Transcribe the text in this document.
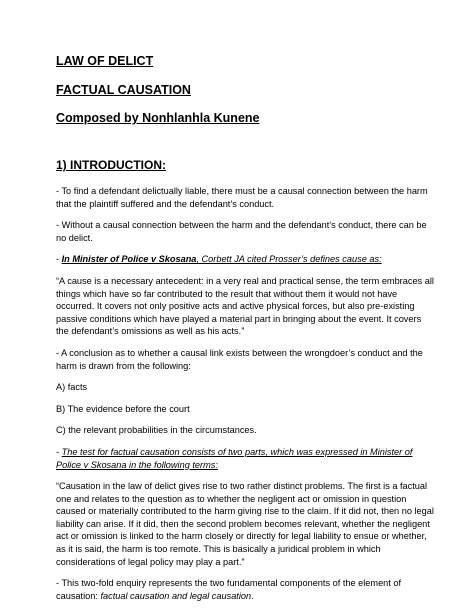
LAW OF DELICT

FACTUAL CAUSATION

Composed by Nonhlanhla Kunene

1) INTRODUCTION:

- To find a defendant delictually liable, there must be a causal connection between the harm that the plaintiff suffered and the defendant’s conduct.

- Without a causal connection between the harm and the defendant’s conduct, there can be no delict.

- In Minister of Police v Skosana, Corbett JA cited Prosser’s defines cause as:

“A cause is a necessary antecedent: in a very real and practical sense, the term embraces all things which have so far contributed to the result that without them it would not have occurred. It covers not only positive acts and active physical forces, but also pre-existing passive conditions which have played a material part in bringing about the event. It covers the defendant’s omissions as well as his acts.”

- A conclusion as to whether a causal link exists between the wrongdoer’s conduct and the harm is drawn from the following:

A) facts

B) The evidence before the court

C) the relevant probabilities in the circumstances.

- The test for factual causation consists of two parts, which was expressed in Minister of Police v Skosana in the following terms:

“Causation in the law of delict gives rise to two rather distinct problems. The first is a factual one and relates to the question as to whether the negligent act or omission in question caused or materially contributed to the harm giving rise to the claim. If it did not, then no legal liability can arise. If it did, then the second problem becomes relevant, whether the negligent act or omission is linked to the harm closely or directly for legal liability to ensue or whether, as it is said, the harm is too remote. This is basically a juridical problem in which considerations of legal policy may play a part.”

- This two-fold enquiry represents the two fundamental components of the element of causation: factual causation and legal causation.
